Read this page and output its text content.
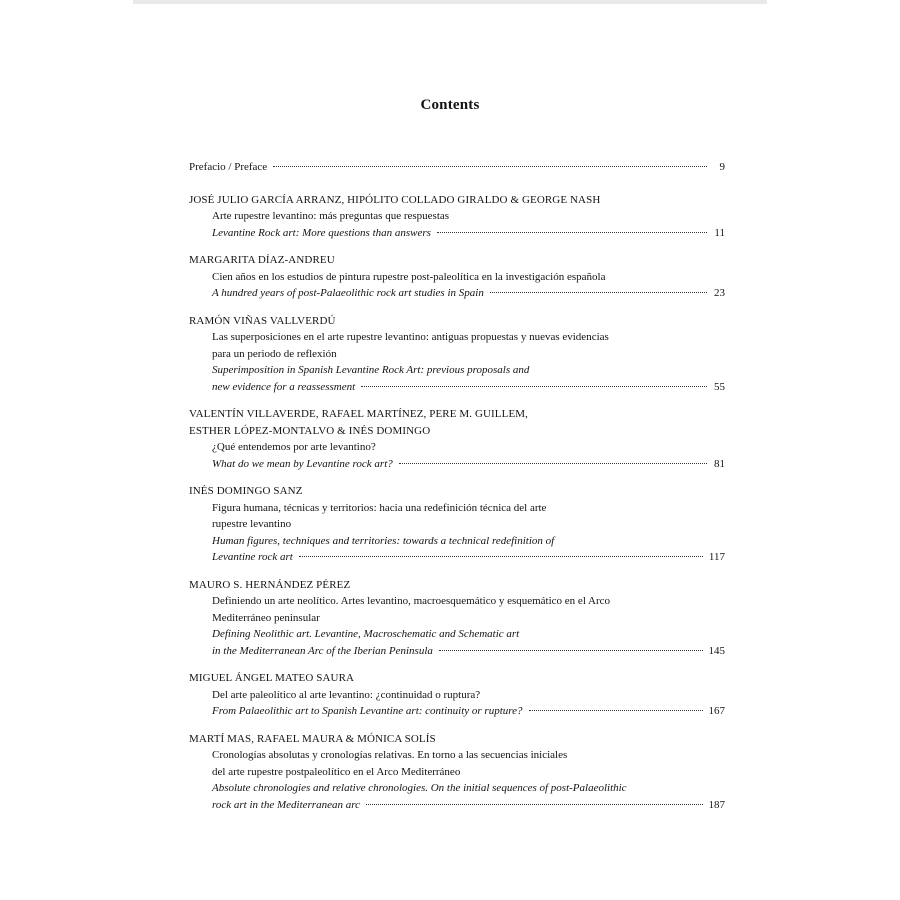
Contents
Prefacio / Preface	9
JOSÉ JULIO GARCÍA ARRANZ, HIPÓLITO COLLADO GIRALDO & GEORGE NASH
Arte rupestre levantino: más preguntas que respuestas
Levantine Rock art: More questions than answers	11
MARGARITA DÍAZ-ANDREU
Cien años en los estudios de pintura rupestre post-paleolítica en la investigación española
A hundred years of post-Palaeolithic rock art studies in Spain	23
RAMÓN VIÑAS VALLVERDÚ
Las superposiciones en el arte rupestre levantino: antiguas propuestas y nuevas evidencias
para un periodo de reflexión
Superimposition in Spanish Levantine Rock Art: previous proposals and
new evidence for a reassessment	55
VALENTÍN VILLAVERDE, RAFAEL MARTÍNEZ, PERE M. GUILLEM,
ESTHER LÓPEZ-MONTALVO & INÉS DOMINGO
¿Qué entendemos por arte levantino?
What do we mean by Levantine rock art?	81
INÉS DOMINGO SANZ
Figura humana, técnicas y territorios: hacia una redefinición técnica del arte
rupestre levantino
Human figures, techniques and territories: towards a technical redefinition of
Levantine rock art	117
MAURO S. HERNÁNDEZ PÉREZ
Definiendo un arte neolítico. Artes levantino, macroesquemático y esquemático en el Arco
Mediterráneo peninsular
Defining Neolithic art. Levantine, Macroschematic and Schematic art
in the Mediterranean Arc of the Iberian Peninsula	145
MIGUEL ÁNGEL MATEO SAURA
Del arte paleolítico al arte levantino: ¿continuidad o ruptura?
From Palaeolithic art to Spanish Levantine art: continuity or rupture?	167
MARTÍ MAS, RAFAEL MAURA & MÓNICA SOLÍS
Cronologías absolutas y cronologías relativas. En torno a las secuencias iniciales
del arte rupestre postpaleolítico en el Arco Mediterráneo
Absolute chronologies and relative chronologies. On the initial sequences of post-Palaeolithic
rock art in the Mediterranean arc	187
